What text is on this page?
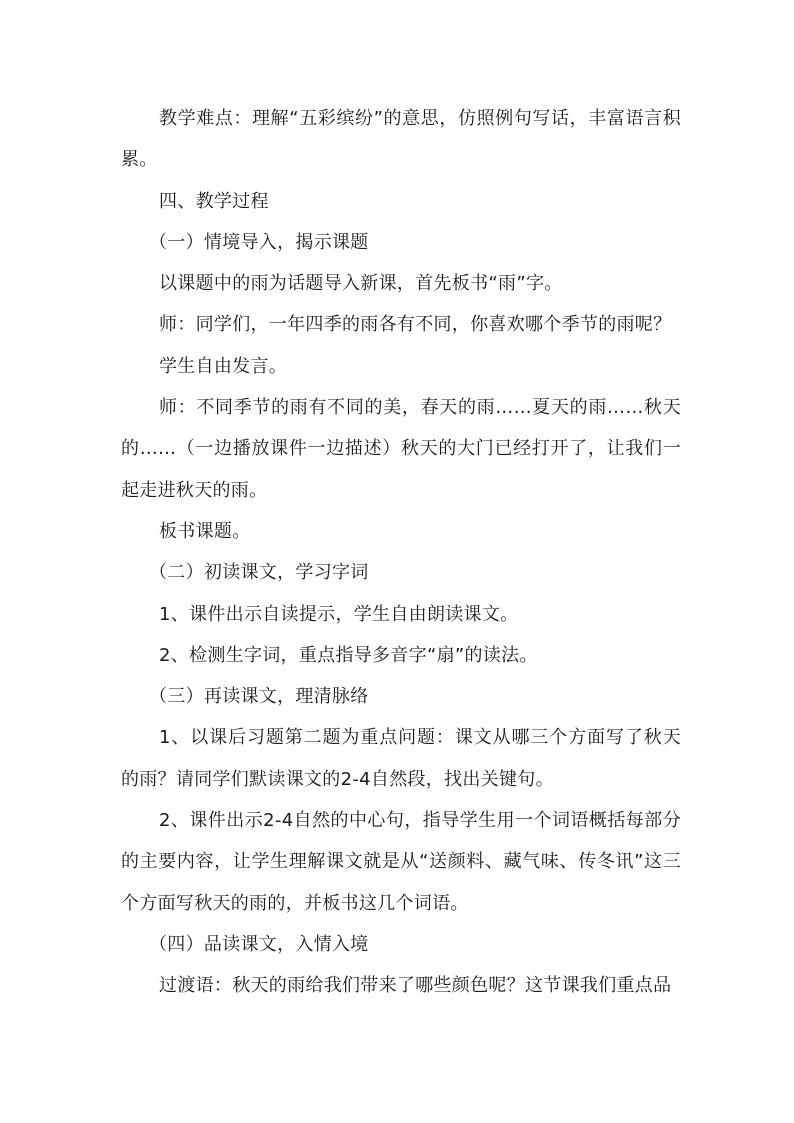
教学难点：理解“五彩缤纷”的意思，仿照例句写话，丰富语言积累。

四、教学过程

（一）情境导入，揭示课题

以课题中的雨为话题导入新课，首先板书“雨”字。

师：同学们，一年四季的雨各有不同，你喜欢哪个季节的雨呢？

学生自由发言。

师：不同季节的雨有不同的美，春天的雨……夏天的雨……秋天的……（一边播放课件一边描述）秋天的大门已经打开了，让我们一起走进秋天的雨。

板书课题。

（二）初读课文，学习字词

1、课件出示自读提示，学生自由朗读课文。

2、检测生字词，重点指导多音字“扇”的读法。

（三）再读课文，理清脉络

1、以课后习题第二题为重点问题：课文从哪三个方面写了秋天的雨？请同学们默读课文的2-4自然段，找出关键句。

2、课件出示2-4自然的中心句，指导学生用一个词语概括每部分的主要内容，让学生理解课文就是从“送颜料、藏气味、传冬讯”这三个方面写秋天的雨的，并板书这几个词语。

（四）品读课文，入情入境

过渡语：秋天的雨给我们带来了哪些颜色呢？这节课我们重点品
